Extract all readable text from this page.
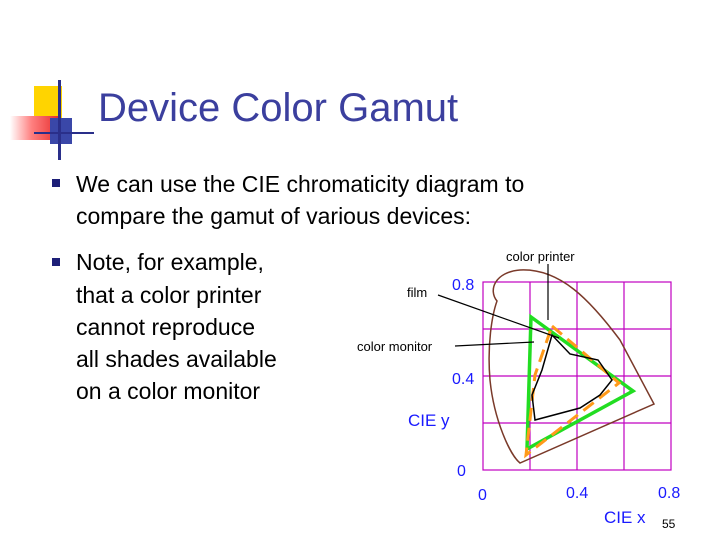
Device Color Gamut
We can use the CIE chromaticity diagram to
compare the gamut of various devices:
Note, for example,
that a color printer
cannot reproduce
all shades available
on a color monitor
color printer
film
color monitor
0.8
0.4
0
CIE y
0	0.4	0.8
CIE x 55
